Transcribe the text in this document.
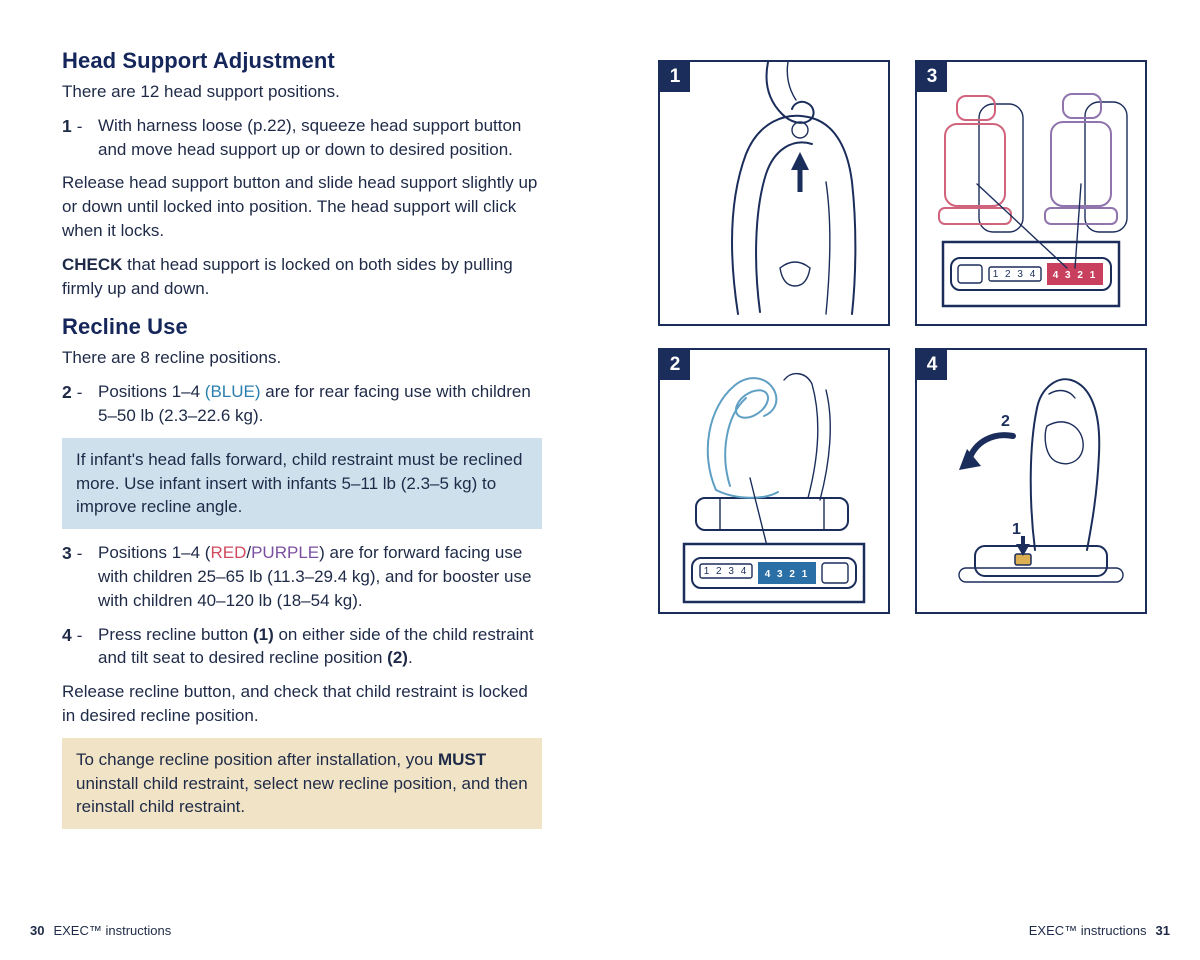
Head Support Adjustment

There are 12 head support positions.

1 - With harness loose (p.22), squeeze head support button and move head support up or down to desired position.

Release head support button and slide head support slightly up or down until locked into position. The head support will click when it locks.

CHECK that head support is locked on both sides by pulling firmly up and down.

Recline Use

There are 8 recline positions.

2 - Positions 1–4 (BLUE) are for rear facing use with children 5–50 lb (2.3–22.6 kg).
If infant's head falls forward, child restraint must be reclined more. Use infant insert with infants 5–11 lb (2.3–5 kg) to improve recline angle.
3 - Positions 1–4 (RED/PURPLE) are for forward facing use with children 25–65 lb (11.3–29.4 kg), and for booster use with children 40–120 lb (18–54 kg).
4 - Press recline button (1) on either side of the child restraint and tilt seat to desired recline position (2).

Release recline button, and check that child restraint is locked in desired recline position.

To change recline position after installation, you MUST uninstall child restraint, select new recline position, and then reinstall child restraint.
1
1 2 3 4 4 3 2 1
3
1 2 3 4 4 3 2 1
2
2
1
4
30 EXEC™ instructions	EXEC™ instructions 31
